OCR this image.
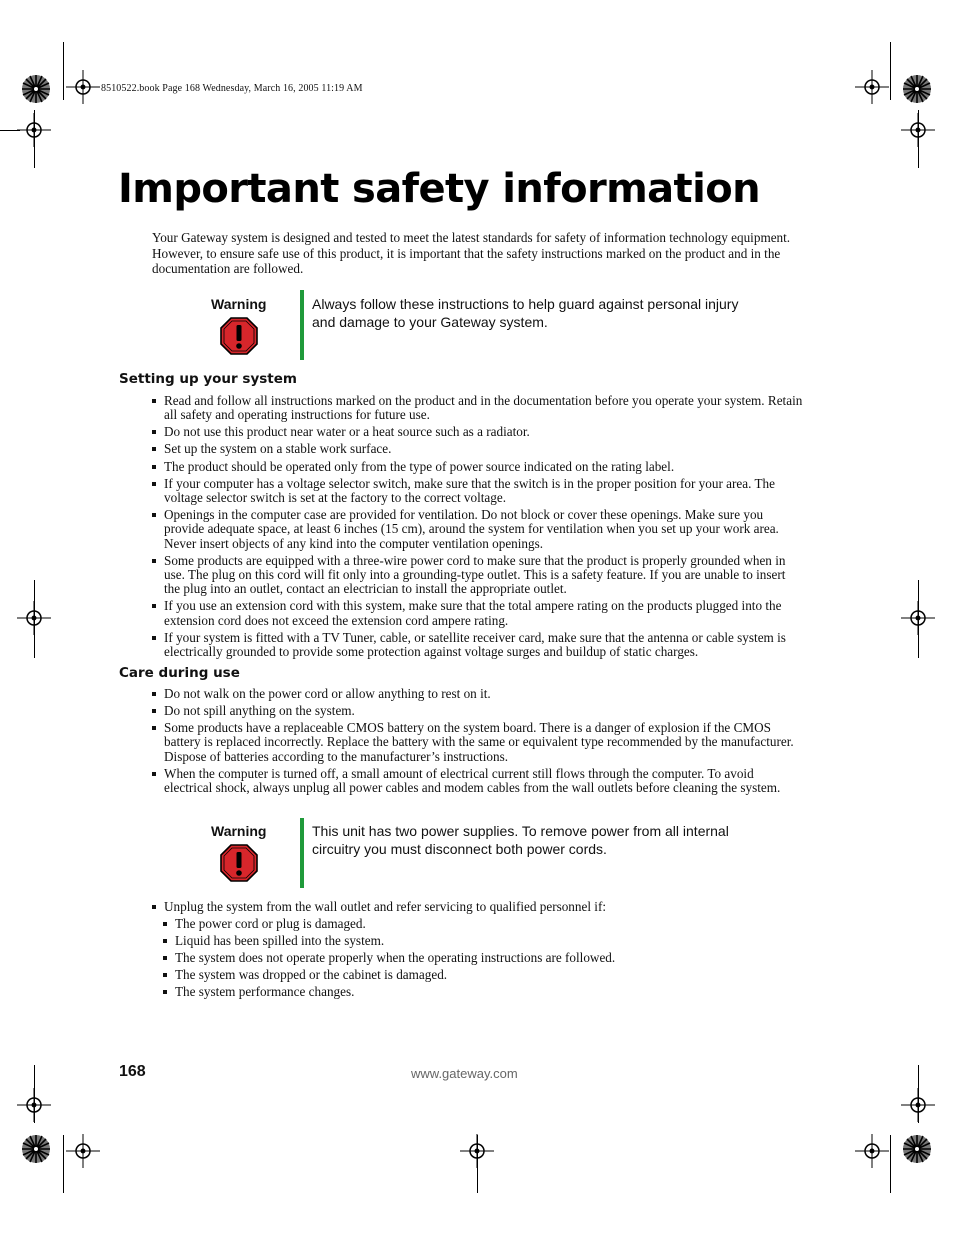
8510522.book Page 168 Wednesday, March 16, 2005 11:19 AM
Important safety information
Your Gateway system is designed and tested to meet the latest standards for safety of information technology equipment. However, to ensure safe use of this product, it is important that the safety instructions marked on the product and in the documentation are followed.
Warning	Always follow these instructions to help guard against personal injury and damage to your Gateway system.
Setting up your system
Read and follow all instructions marked on the product and in the documentation before you operate your system. Retain all safety and operating instructions for future use.
Do not use this product near water or a heat source such as a radiator.
Set up the system on a stable work surface.
The product should be operated only from the type of power source indicated on the rating label.
If your computer has a voltage selector switch, make sure that the switch is in the proper position for your area. The voltage selector switch is set at the factory to the correct voltage.
Openings in the computer case are provided for ventilation. Do not block or cover these openings. Make sure you provide adequate space, at least 6 inches (15 cm), around the system for ventilation when you set up your work area. Never insert objects of any kind into the computer ventilation openings.
Some products are equipped with a three-wire power cord to make sure that the product is properly grounded when in use. The plug on this cord will fit only into a grounding-type outlet. This is a safety feature. If you are unable to insert the plug into an outlet, contact an electrician to install the appropriate outlet.
If you use an extension cord with this system, make sure that the total ampere rating on the products plugged into the extension cord does not exceed the extension cord ampere rating.
If your system is fitted with a TV Tuner, cable, or satellite receiver card, make sure that the antenna or cable system is electrically grounded to provide some protection against voltage surges and buildup of static charges.
Care during use
Do not walk on the power cord or allow anything to rest on it.
Do not spill anything on the system.
Some products have a replaceable CMOS battery on the system board. There is a danger of explosion if the CMOS battery is replaced incorrectly. Replace the battery with the same or equivalent type recommended by the manufacturer. Dispose of batteries according to the manufacturer’s instructions.
When the computer is turned off, a small amount of electrical current still flows through the computer. To avoid electrical shock, always unplug all power cables and modem cables from the wall outlets before cleaning the system.
Warning	This unit has two power supplies. To remove power from all internal circuitry you must disconnect both power cords.
Unplug the system from the wall outlet and refer servicing to qualified personnel if:
The power cord or plug is damaged.
Liquid has been spilled into the system.
The system does not operate properly when the operating instructions are followed.
The system was dropped or the cabinet is damaged.
The system performance changes.
168	www.gateway.com
